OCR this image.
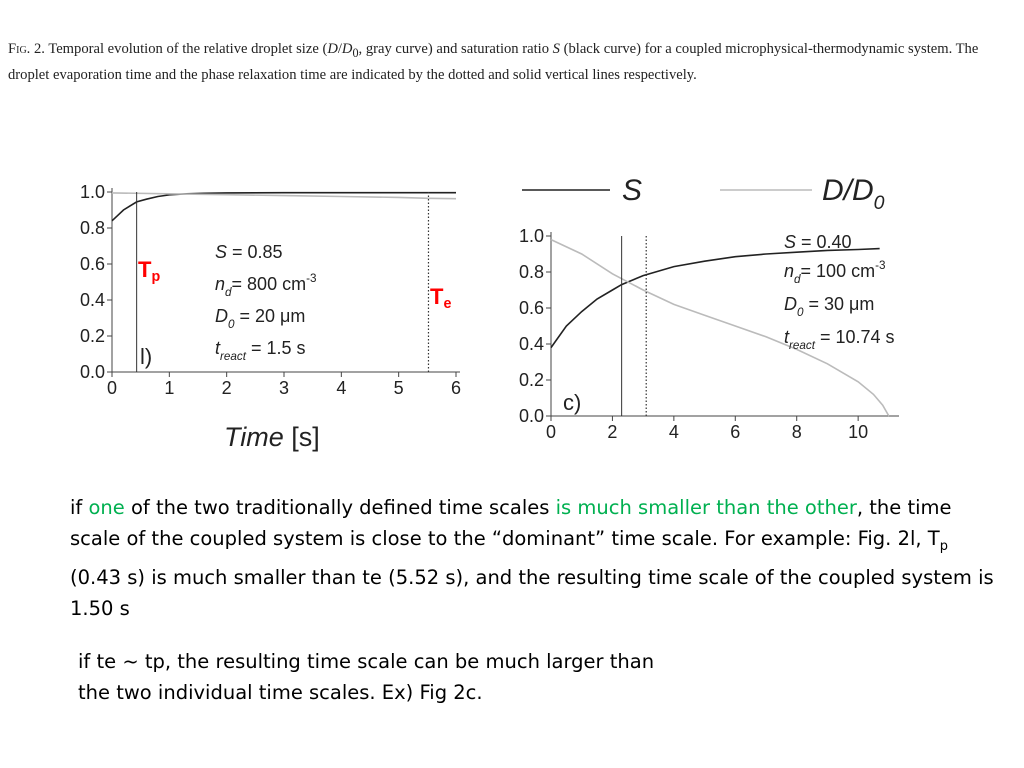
Fig. 2. Temporal evolution of the relative droplet size ($D/D_0$, gray curve) and saturation ratio S (black curve) for a coupled microphysical-thermodynamic system. The droplet evaporation time and the phase relaxation time are indicated by the dotted and solid vertical lines respectively.
0.0
0.2
0.4
0.6
0.8
1.0
0	1	2	3	4	5	6
Tp
Te
S = 0.85
$n_d= 800$ $cm^{-3}$
$D_0 = 20$ μm
$t_{react} = 1.5$ s
l)
Time [s]
0.0
0.2
0.4
0.6
0.8
1.0
0	2	4	6	8	10
S = 0.40
$n_d= 100$ $cm^{-3}$
$D_0 = 30$ μm
$t_{react} = 10.74$ s
c)
S	$D/D_0$
if one of the two traditionally defined time scales is much smaller than the other, the time scale of the coupled system is close to the “dominant” time scale. For example: Fig. 2l, $T_p$ (0.43 s) is much smaller than te (5.52 s), and the resulting time scale of the coupled system is 1.50 s
if te ~ tp, the resulting time scale can be much larger than
the two individual time scales. Ex) Fig 2c.
